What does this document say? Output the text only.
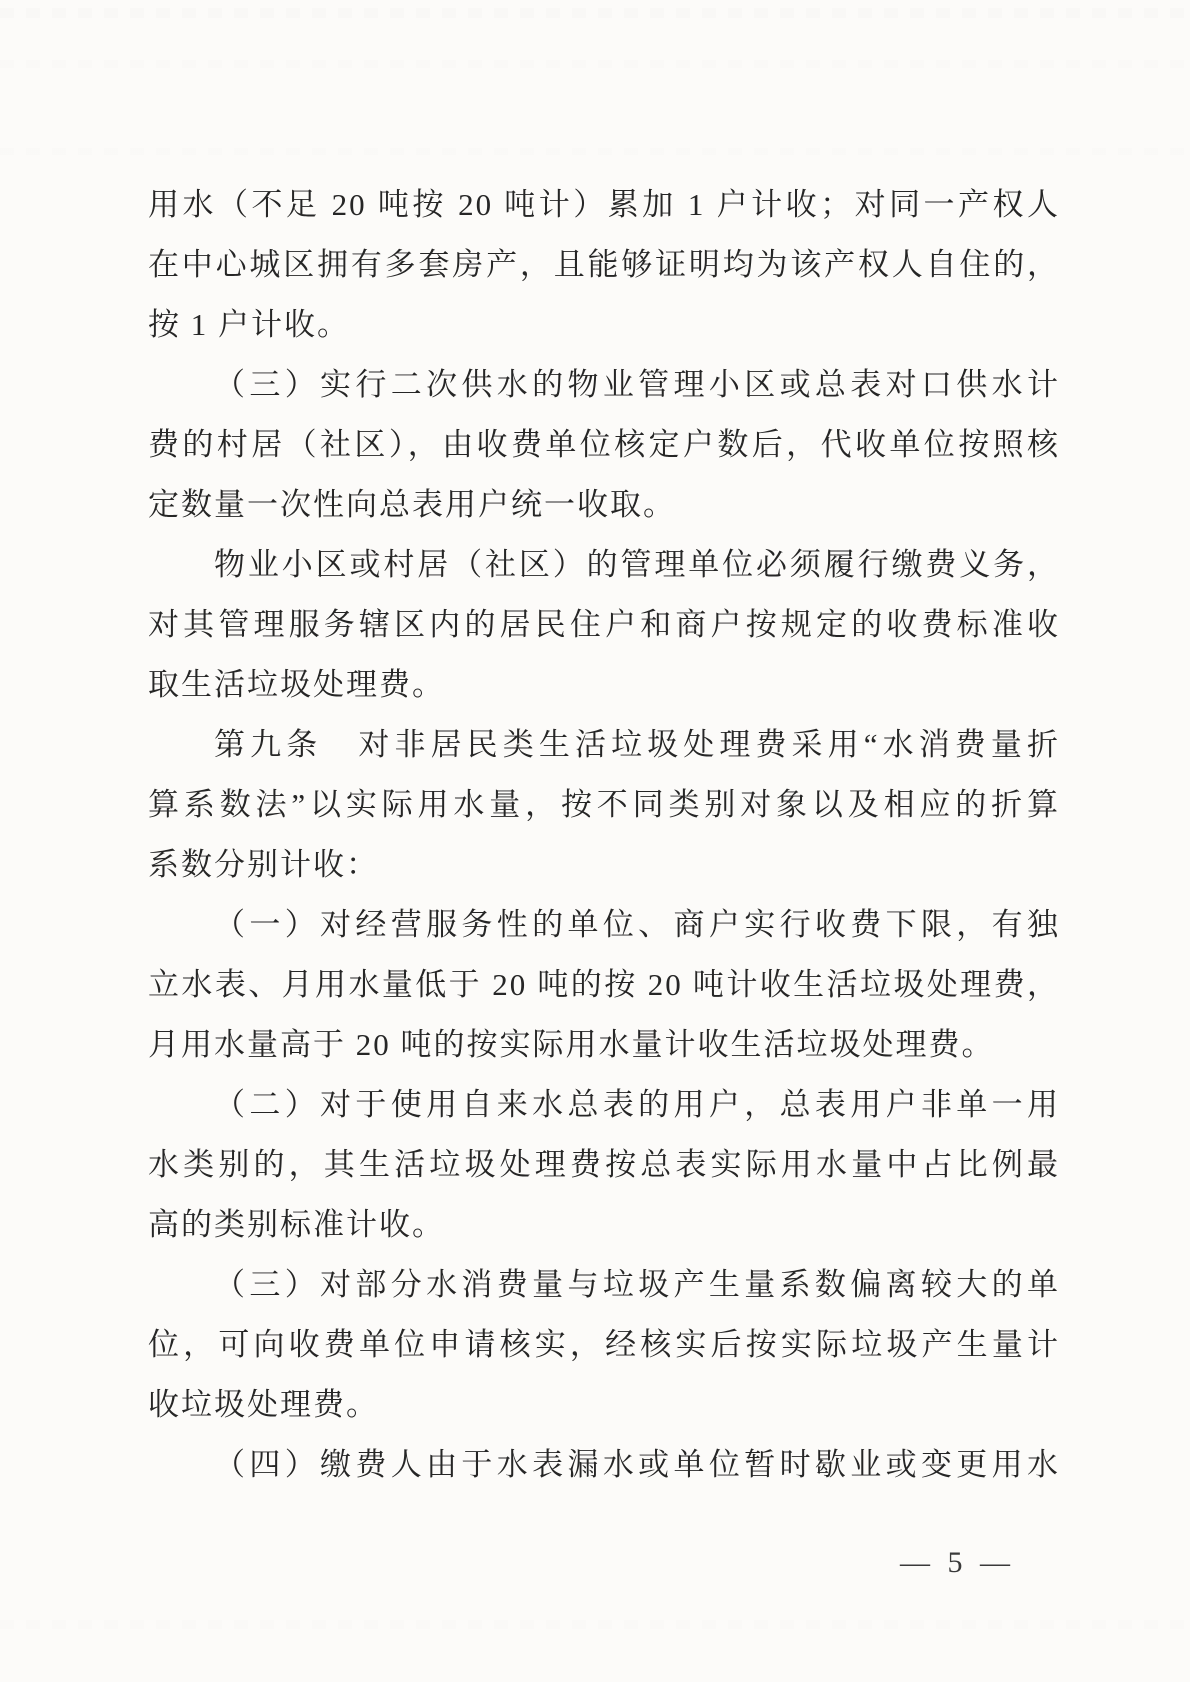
用水（不足 20 吨按 20 吨计）累加 1 户计收；对同一产权人
在中心城区拥有多套房产，且能够证明均为该产权人自住的，
按 1 户计收。
（三）实行二次供水的物业管理小区或总表对口供水计
费的村居（社区），由收费单位核定户数后，代收单位按照核
定数量一次性向总表用户统一收取。
物业小区或村居（社区）的管理单位必须履行缴费义务，
对其管理服务辖区内的居民住户和商户按规定的收费标准收
取生活垃圾处理费。
第九条　对非居民类生活垃圾处理费采用“水消费量折
算系数法”以实际用水量，按不同类别对象以及相应的折算
系数分别计收：
（一）对经营服务性的单位、商户实行收费下限，有独
立水表、月用水量低于 20 吨的按 20 吨计收生活垃圾处理费，
月用水量高于 20 吨的按实际用水量计收生活垃圾处理费。
（二）对于使用自来水总表的用户，总表用户非单一用
水类别的，其生活垃圾处理费按总表实际用水量中占比例最
高的类别标准计收。
（三）对部分水消费量与垃圾产生量系数偏离较大的单
位，可向收费单位申请核实，经核实后按实际垃圾产生量计
收垃圾处理费。
（四）缴费人由于水表漏水或单位暂时歇业或变更用水
— 5 —
